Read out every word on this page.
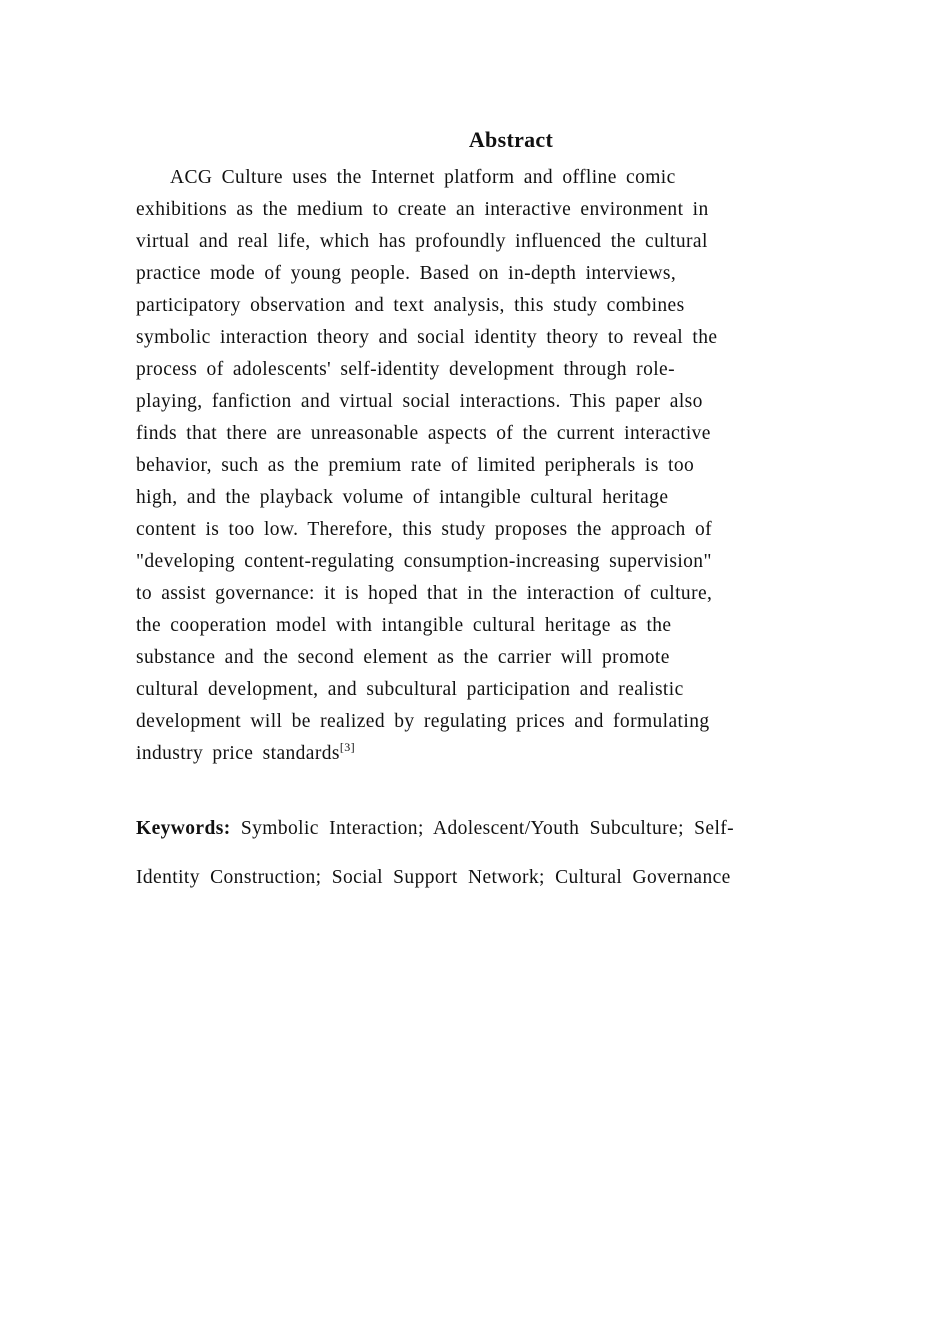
Abstract
ACG Culture uses the Internet platform and offline comic
exhibitions as the medium to create an interactive environment in
virtual and real life, which has profoundly influenced the cultural
practice mode of young people. Based on in-depth interviews,
participatory observation and text analysis, this study combines
symbolic interaction theory and social identity theory to reveal the
process of adolescents' self-identity development through role-
playing, fanfiction and virtual social interactions. This paper also
finds that there are unreasonable aspects of the current interactive
behavior, such as the premium rate of limited peripherals is too
high, and the playback volume of intangible cultural heritage
content is too low. Therefore, this study proposes the approach of
"developing content-regulating consumption-increasing supervision"
to assist governance: it is hoped that in the interaction of culture,
the cooperation model with intangible cultural heritage as the
substance and the second element as the carrier will promote
cultural development, and subcultural participation and realistic
development will be realized by regulating prices and formulating
industry price standards[3]
Keywords: Symbolic Interaction; Adolescent/Youth Subculture; Self-
Identity Construction; Social Support Network; Cultural Governance
